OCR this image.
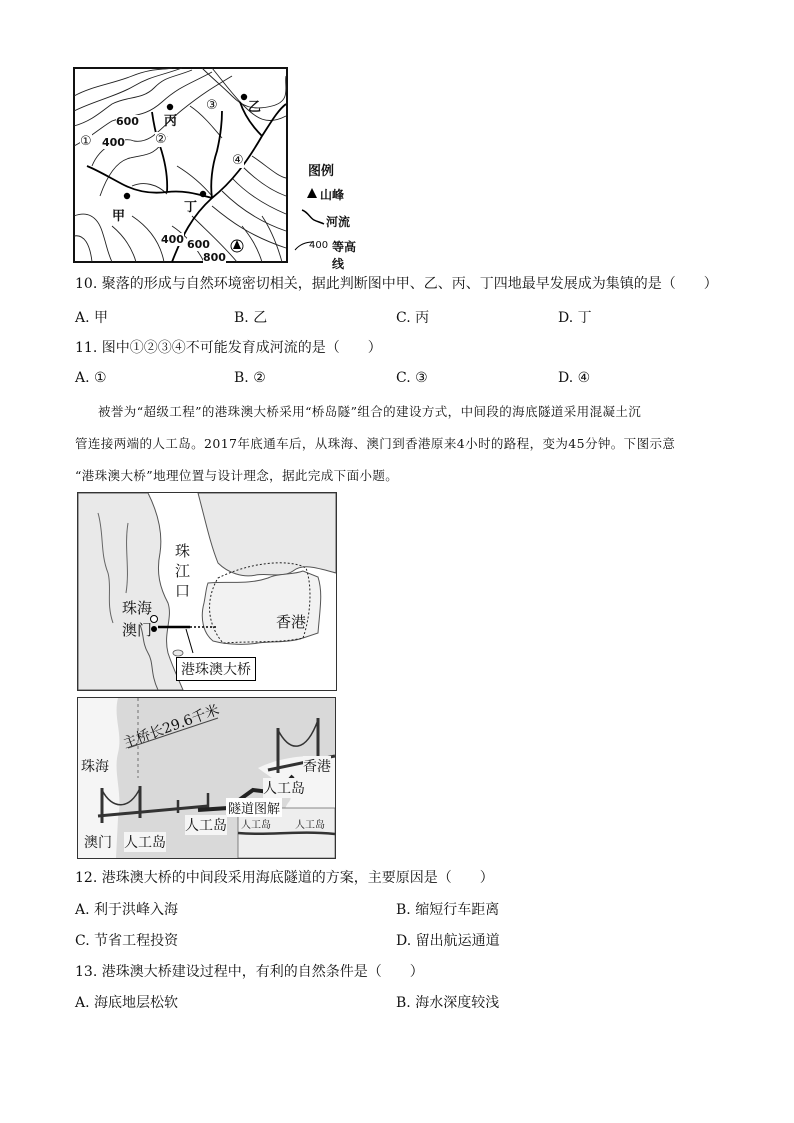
丙
乙
甲
丁
①	②
③
④
600
400
400 600
800
图例
山峰
河流
400 等高线
10. 聚落的形成与自然环境密切相关，据此判断图中甲、乙、丙、丁四地最早发展成为集镇的是（　　）
A. 甲	B. 乙	C. 丙	D. 丁
11. 图中①②③④不可能发育成河流的是（　　）
A. ①	B. ②	C. ③	D. ④
被誉为“超级工程”的港珠澳大桥采用“桥岛隧”组合的建设方式，中间段的海底隧道采用混凝土沉
管连接两端的人工岛。2017年底通车后，从珠海、澳门到香港原来4小时的路程，变为45分钟。下图示意
“港珠澳大桥”地理位置与设计理念，据此完成下面小题。
珠
江
口
珠海
澳门	香港
港珠澳大桥
主桥长29.6千米
珠海	香港
人工岛
隧道图解
人工岛
澳门 人工岛
人工岛 人工岛
12. 港珠澳大桥的中间段采用海底隧道的方案，主要原因是（　　）
A. 利于洪峰入海	B. 缩短行车距离
C. 节省工程投资	D. 留出航运通道
13. 港珠澳大桥建设过程中，有利的自然条件是（　　）
A. 海底地层松软	B. 海水深度较浅
